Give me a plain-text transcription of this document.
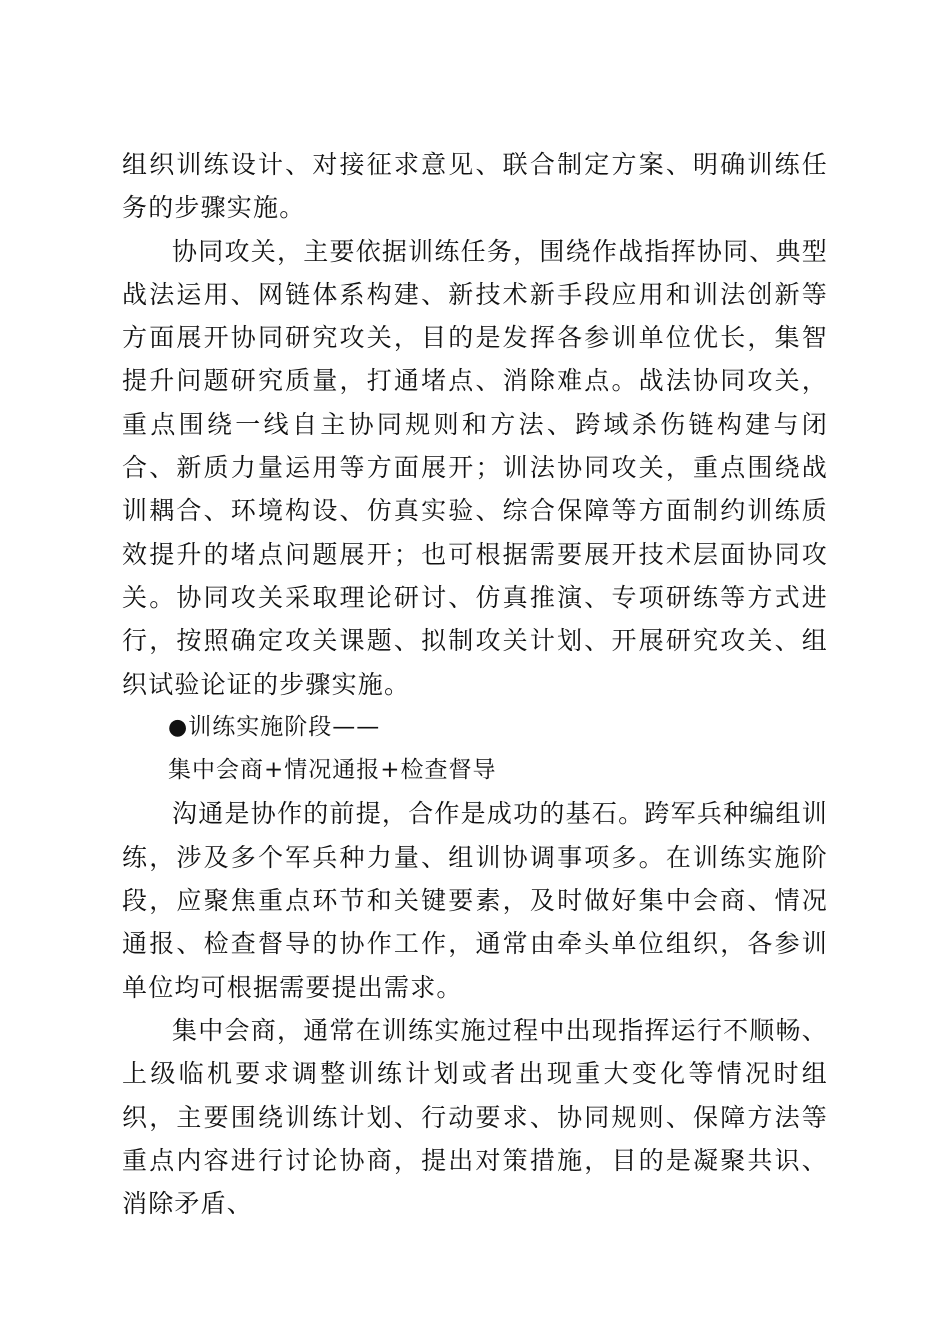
组织训练设计、对接征求意见、联合制定方案、明确训练任务的步骤实施。

协同攻关，主要依据训练任务，围绕作战指挥协同、典型战法运用、网链体系构建、新技术新手段应用和训法创新等方面展开协同研究攻关，目的是发挥各参训单位优长，集智提升问题研究质量，打通堵点、消除难点。战法协同攻关，重点围绕一线自主协同规则和方法、跨域杀伤链构建与闭合、新质力量运用等方面展开；训法协同攻关，重点围绕战训耦合、环境构设、仿真实验、综合保障等方面制约训练质效提升的堵点问题展开；也可根据需要展开技术层面协同攻关。协同攻关采取理论研讨、仿真推演、专项研练等方式进行，按照确定攻关课题、拟制攻关计划、开展研究攻关、组织试验论证的步骤实施。

●训练实施阶段——

集中会商+情况通报+检查督导

沟通是协作的前提，合作是成功的基石。跨军兵种编组训练，涉及多个军兵种力量、组训协调事项多。在训练实施阶段，应聚焦重点环节和关键要素，及时做好集中会商、情况通报、检查督导的协作工作，通常由牵头单位组织，各参训单位均可根据需要提出需求。

集中会商，通常在训练实施过程中出现指挥运行不顺畅、上级临机要求调整训练计划或者出现重大变化等情况时组织，主要围绕训练计划、行动要求、协同规则、保障方法等重点内容进行讨论协商，提出对策措施，目的是凝聚共识、消除矛盾、
